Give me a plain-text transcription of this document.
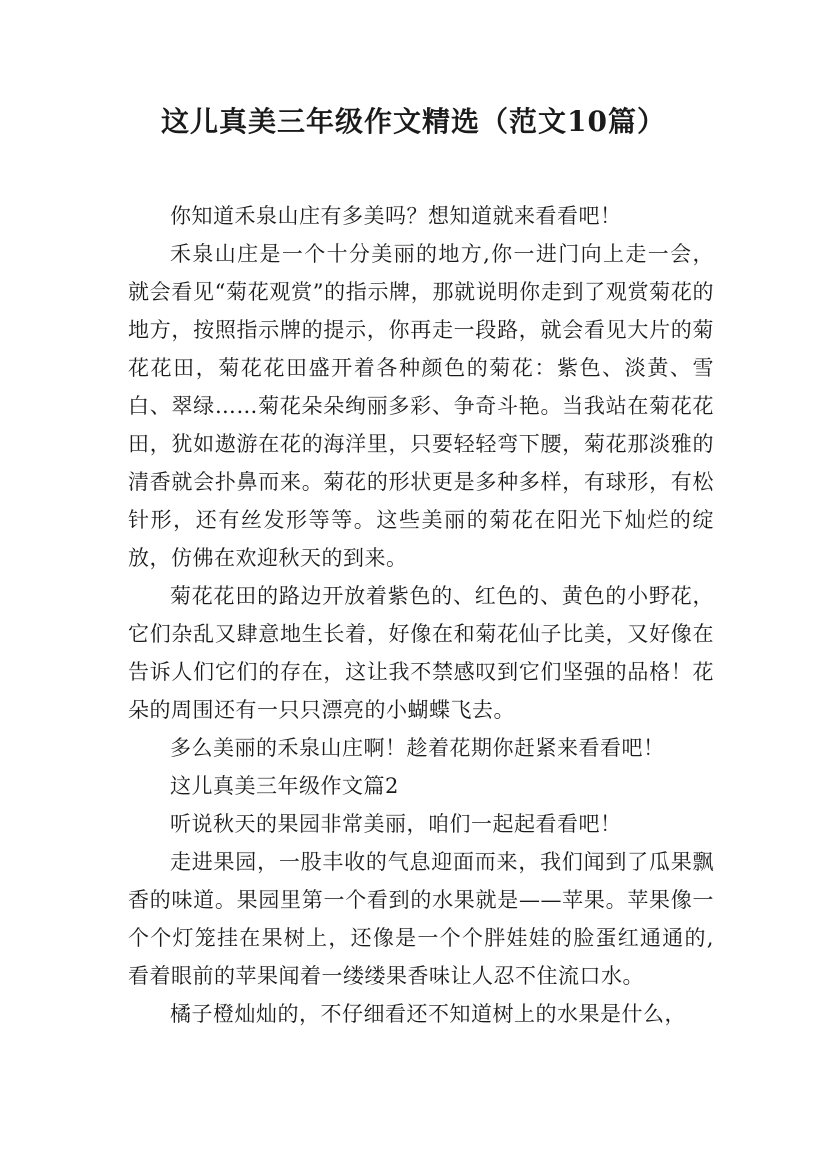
这儿真美三年级作文精选（范文10篇）

你知道禾泉山庄有多美吗？想知道就来看看吧！

禾泉山庄是一个十分美丽的地方,你一进门向上走一会，就会看见“菊花观赏”的指示牌，那就说明你走到了观赏菊花的地方，按照指示牌的提示，你再走一段路，就会看见大片的菊花花田，菊花花田盛开着各种颜色的菊花：紫色、淡黄、雪白、翠绿……菊花朵朵绚丽多彩、争奇斗艳。当我站在菊花花田，犹如遨游在花的海洋里，只要轻轻弯下腰，菊花那淡雅的清香就会扑鼻而来。菊花的形状更是多种多样，有球形，有松针形，还有丝发形等等。这些美丽的菊花在阳光下灿烂的绽放，仿佛在欢迎秋天的到来。

菊花花田的路边开放着紫色的、红色的、黄色的小野花，它们杂乱又肆意地生长着，好像在和菊花仙子比美，又好像在告诉人们它们的存在，这让我不禁感叹到它们坚强的品格！花朵的周围还有一只只漂亮的小蝴蝶飞去。

多么美丽的禾泉山庄啊！趁着花期你赶紧来看看吧！

这儿真美三年级作文篇2

听说秋天的果园非常美丽，咱们一起起看看吧！

走进果园，一股丰收的气息迎面而来，我们闻到了瓜果飘香的味道。果园里第一个看到的水果就是——苹果。苹果像一个个灯笼挂在果树上，还像是一个个胖娃娃的脸蛋红通通的,看着眼前的苹果闻着一缕缕果香味让人忍不住流口水。

橘子橙灿灿的，不仔细看还不知道树上的水果是什么，
